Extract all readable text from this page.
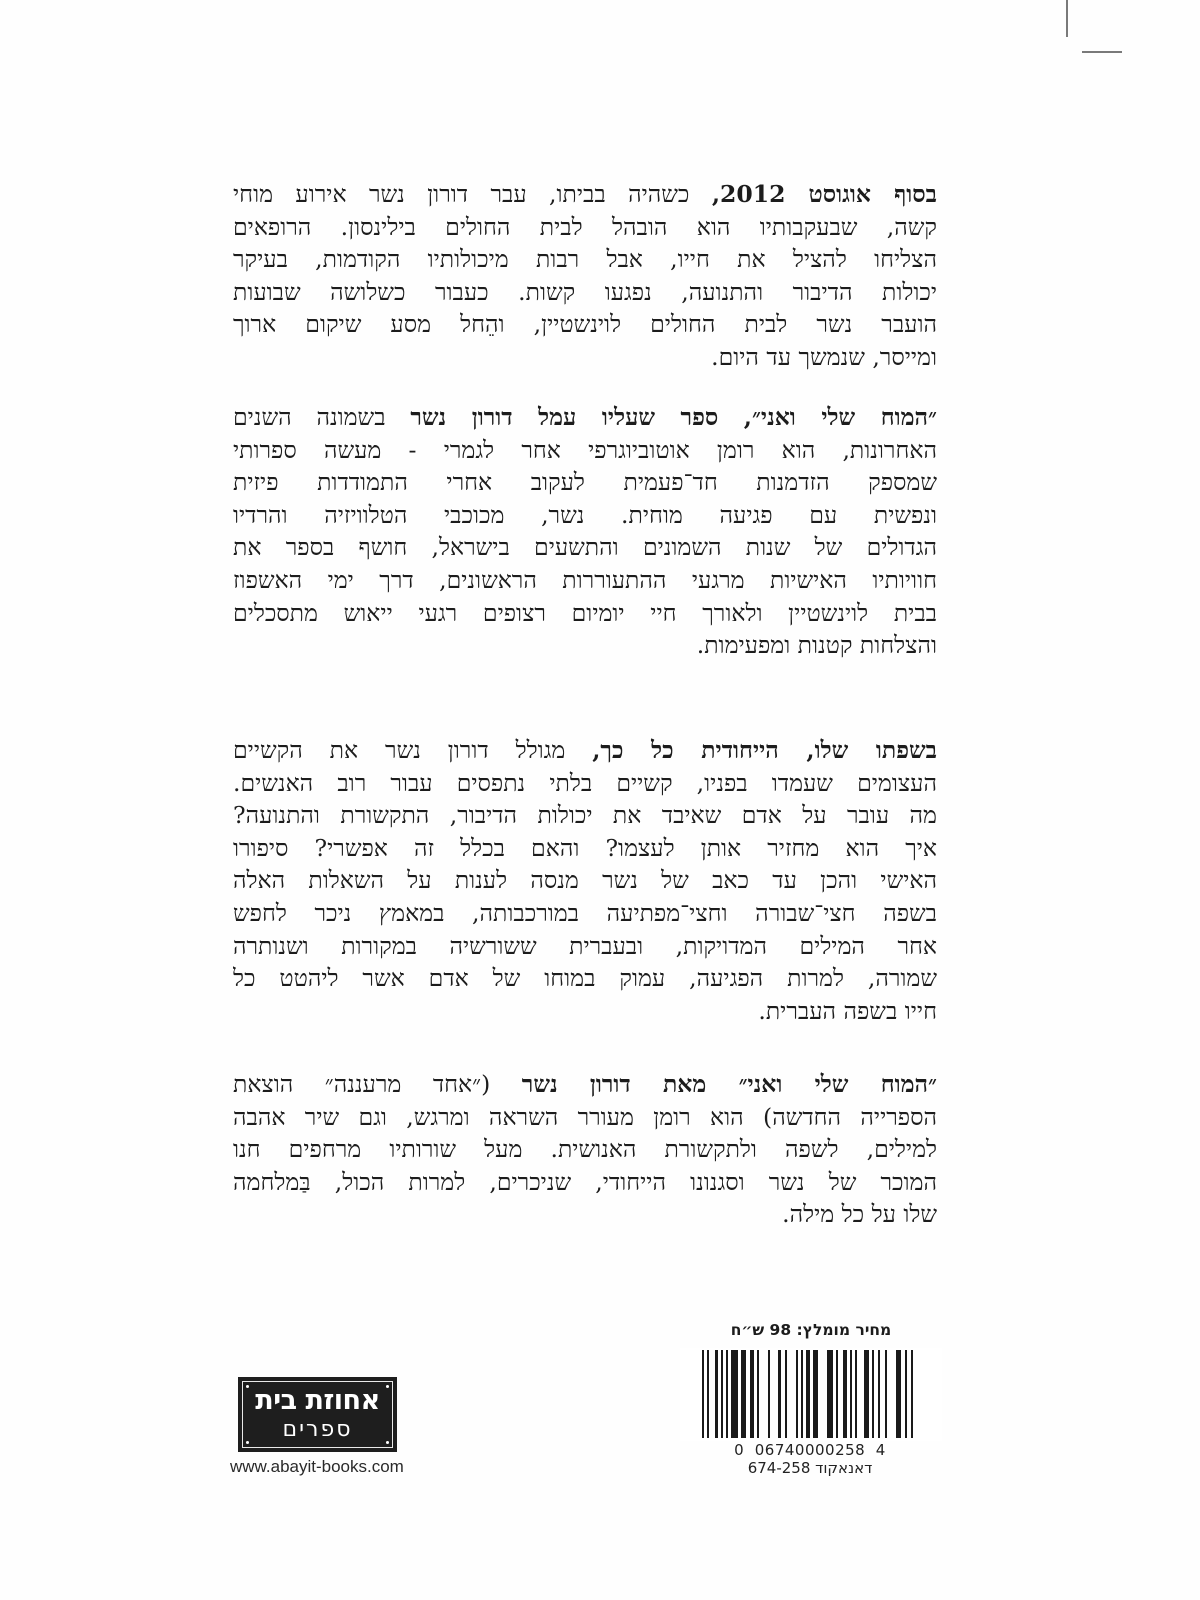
בסוף אוגוסט 2012, כשהיה בביתו, עבר דורון נשר אירוע מוחי
קשה, שבעקבותיו הוא הובהל לבית החולים בילינסון. הרופאים
הצליחו להציל את חייו, אבל רבות מיכולותיו הקודמות, בעיקר
יכולות הדיבור והתנועה, נפגעו קשות. כעבור כשלושה שבועות
הועבר נשר לבית החולים לוינשטיין, והֵחל מסע שיקום ארוך
ומייסר, שנמשך עד היום.
״המוח שלי ואני״, ספר שעליו עמל דורון נשר בשמונה השנים
האחרונות, הוא רומן אוטוביוגרפי אחר לגמרי - מעשה ספרותי
שמספק הזדמנות חד־פעמית לעקוב אחרי התמודדות פיזית
ונפשית עם פגיעה מוחית. נשר, מכוכבי הטלוויזיה והרדיו
הגדולים של שנות השמונים והתשעים בישראל, חושף בספר את
חוויותיו האישיות מרגעי ההתעוררות הראשונים, דרך ימי האשפוז
בבית לוינשטיין ולאורך חיי יומיום רצופים רגעי ייאוש מתסכלים
והצלחות קטנות ומפעימות.
בשפתו שלו, הייחודית כל כך, מגולל דורון נשר את הקשיים
העצומים שעמדו בפניו, קשיים בלתי נתפסים עבור רוב האנשים.
מה עובר על אדם שאיבד את יכולות הדיבור, התקשורת והתנועה?
איך הוא מחזיר אותן לעצמו? והאם בכלל זה אפשרי? סיפורו
האישי והכן עד כאב של נשר מנסה לענות על השאלות האלה
בשפה חצי־שבורה וחצי־מפתיעה במורכבותה, במאמץ ניכר לחפש
אחר המילים המדויקות, ובעברית ששורשיה במקורות ושנותרה
שמורה, למרות הפגיעה, עמוק במוחו של אדם אשר ליהטט כל
חייו בשפה העברית.
״המוח שלי ואני״ מאת דורון נשר (״אחד מרעננה״ הוצאת
הספרייה החדשה) הוא רומן מעורר השראה ומרגש, וגם שיר אהבה
למילים, לשפה ולתקשורת האנושית. מעל שורותיו מרחפים חנו
המוכר של נשר וסגנונו הייחודי, שניכרים, למרות הכול, בַּמלחמה
שלו על כל מילה.
אחוזת בית
ספרים
www.abayit-books.com
מחיר מומלץ: 98 ש״ח
0  06740000258  4
דאנאקוד 674-258
